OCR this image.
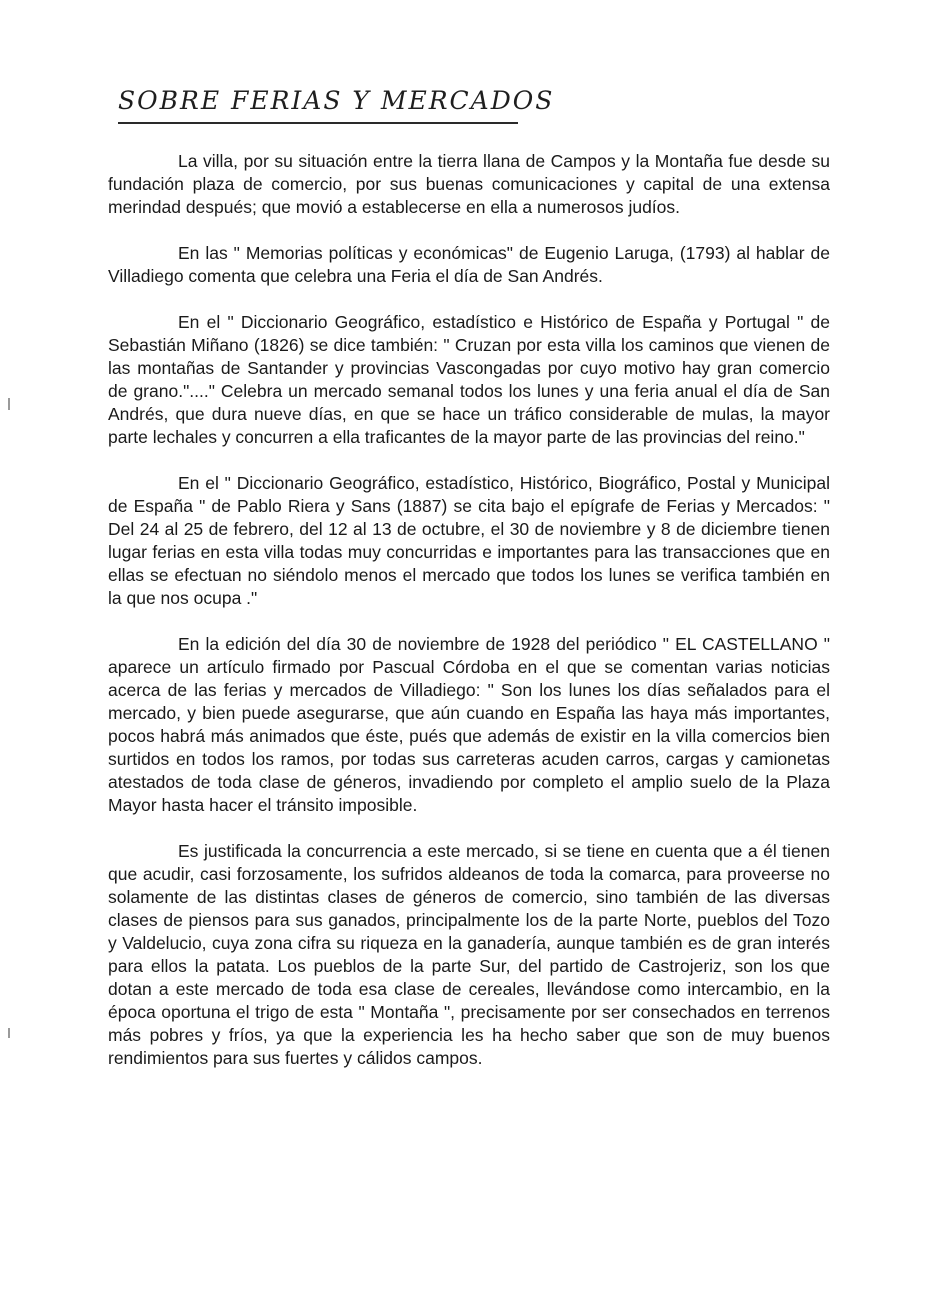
SOBRE FERIAS Y MERCADOS

La villa, por su situación entre la tierra llana de Campos y la Montaña fue desde su fundación plaza de comercio, por sus buenas comunicaciones y capital de una extensa merindad después; que movió a establecerse en ella a numerosos judíos.

En las " Memorias políticas y económicas" de Eugenio Laruga, (1793) al hablar de Villadiego comenta que celebra una Feria el día de San Andrés.

En el " Diccionario Geográfico, estadístico e Histórico de España y Portugal " de Sebastián Miñano (1826) se dice también: " Cruzan por esta villa los caminos que vienen de las montañas de Santander y provincias Vascongadas por cuyo motivo hay gran comercio de grano."...." Celebra un mercado semanal todos los lunes y una feria anual el día de San Andrés, que dura nueve días, en que se hace un tráfico considerable de mulas, la mayor parte lechales y concurren a ella traficantes de la mayor parte de las provincias del reino."

En el " Diccionario Geográfico, estadístico, Histórico, Biográfico, Postal y Municipal de España " de Pablo Riera y Sans (1887) se cita bajo el epígrafe de Ferias y Mercados: " Del 24 al 25 de febrero, del 12 al 13 de octubre, el 30 de noviembre y 8 de diciembre tienen lugar ferias en esta villa todas muy concurridas e importantes para las transacciones que en ellas se efectuan no siéndolo menos el mercado que todos los lunes se verifica también en la que nos ocupa ."

En la edición del día 30 de noviembre de 1928 del periódico " EL CASTELLANO " aparece un artículo firmado por Pascual Córdoba en el que se comentan varias noticias acerca de las ferias y mercados de Villadiego: " Son los lunes los días señalados para el mercado, y bien puede asegurarse, que aún cuando en España las haya más importantes, pocos habrá más animados que éste, pués que además de existir en la villa comercios bien surtidos en todos los ramos, por todas sus carreteras acuden carros, cargas y camionetas atestados de toda clase de géneros, invadiendo por completo el amplio suelo de la Plaza Mayor hasta hacer el tránsito imposible.

Es justificada la concurrencia a este mercado, si se tiene en cuenta que a él tienen que acudir, casi forzosamente, los sufridos aldeanos de toda la comarca, para proveerse no solamente de las distintas clases de géneros de comercio, sino también de las diversas clases de piensos para sus ganados, principalmente los de la parte Norte, pueblos del Tozo y Valdelucio, cuya zona cifra su riqueza en la ganadería, aunque también es de gran interés para ellos la patata. Los pueblos de la parte Sur, del partido de Castrojeriz, son los que dotan a este mercado de toda esa clase de cereales, llevándose como intercambio, en la época oportuna el trigo de esta " Montaña ", precisamente por ser consechados en terrenos más pobres y fríos, ya que la experiencia les ha hecho saber que son de muy buenos rendimientos para sus fuertes y cálidos campos.
